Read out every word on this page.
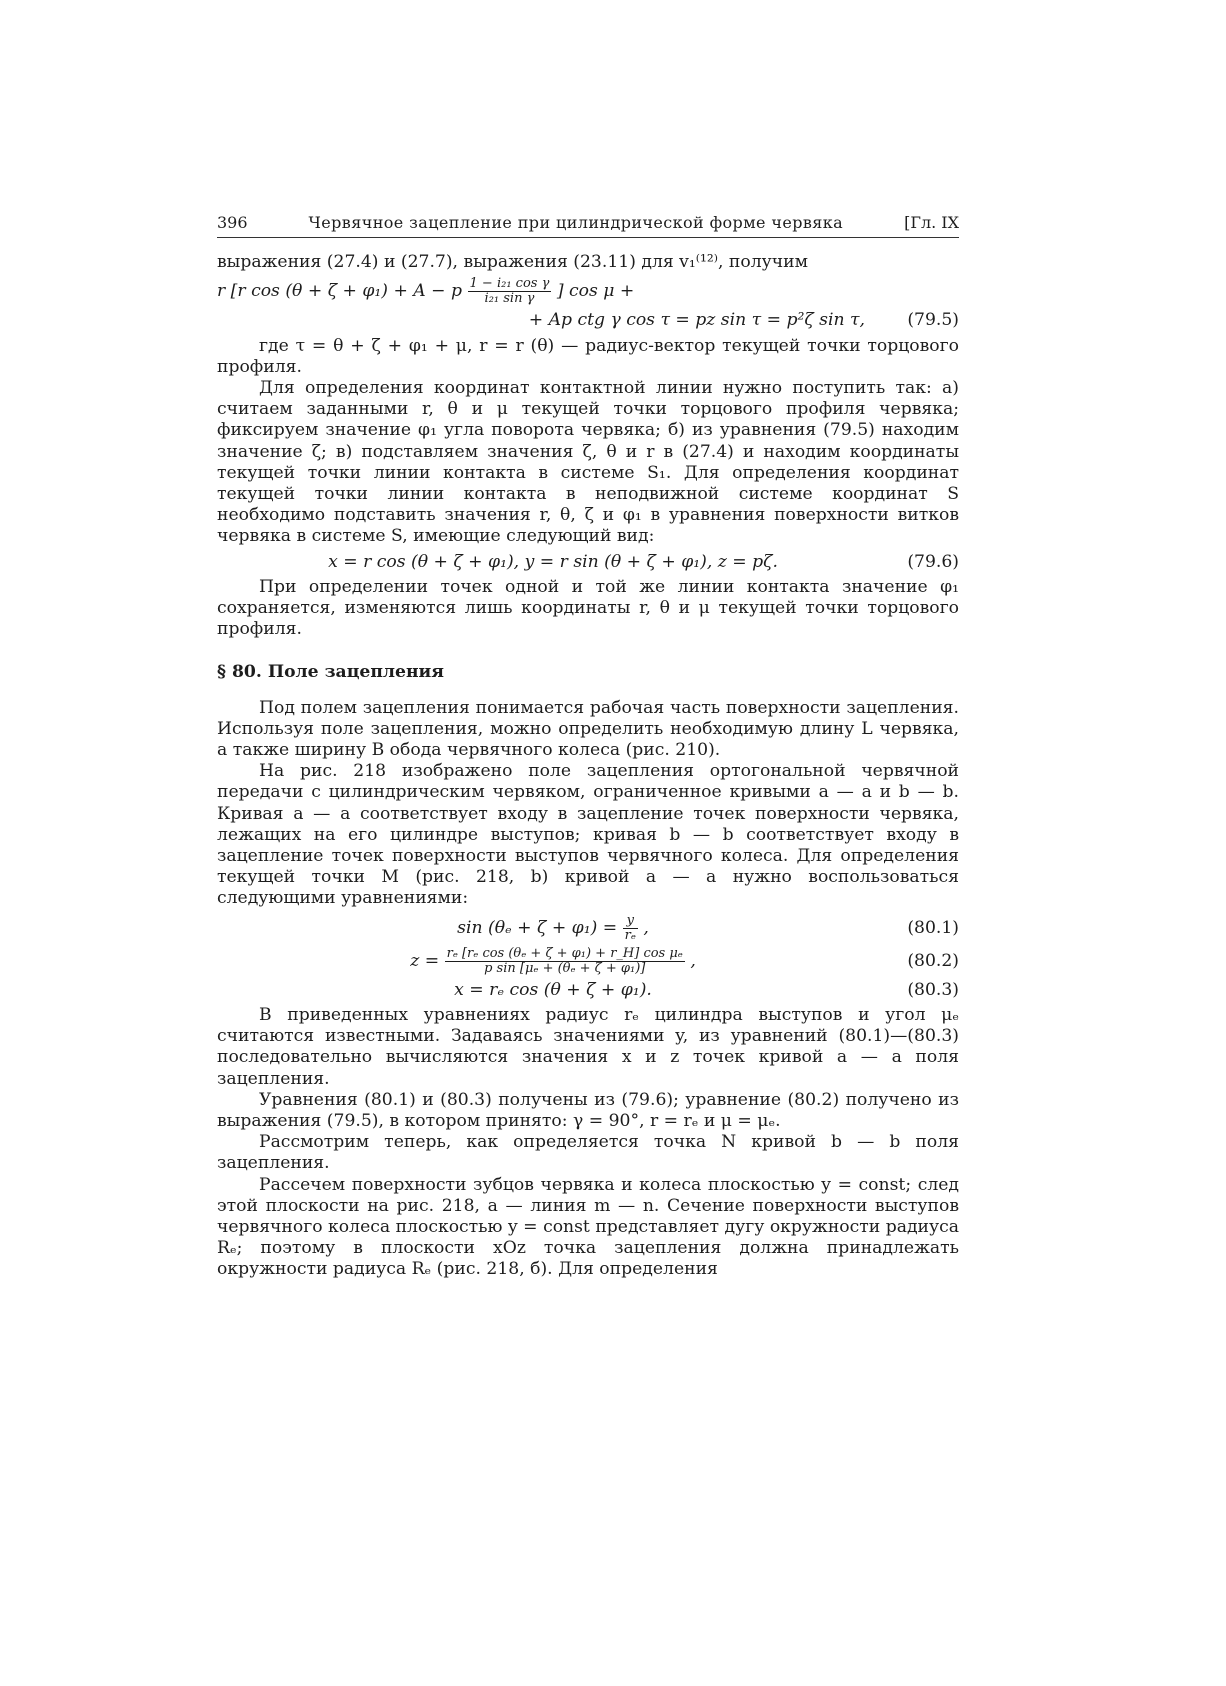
396	Червячное зацепление при цилиндрической форме червяка	[Гл. IX

выражения (27.4) и (27.7), выражения (23.11) для v₁⁽¹²⁾, получим

r [r cos (θ + ζ + φ₁) + A − p $\frac{\text{1 − i₂₁ cos γ}}{\text{i₂₁ sin γ}}$ ] cos μ +
+ Ap ctg γ cos τ = pz sin τ = p²ζ sin τ,	(79.5)

где τ = θ + ζ + φ₁ + μ, r = r (θ) — радиус-вектор текущей точки торцового профиля.

Для определения координат контактной линии нужно поступить так: а) считаем заданными r, θ и μ текущей точки торцового профиля червяка; фиксируем значение φ₁ угла поворота червяка; б) из уравнения (79.5) находим значение ζ; в) подставляем значения ζ, θ и r в (27.4) и находим координаты текущей точки линии контакта в системе S₁. Для определения координат текущей точки линии контакта в неподвижной системе координат S необходимо подставить значения r, θ, ζ и φ₁ в уравнения поверхности витков червяка в системе S, имеющие следующий вид:

x = r cos (θ + ζ + φ₁), y = r sin (θ + ζ + φ₁), z = pζ.	(79.6)

При определении точек одной и той же линии контакта значение φ₁ сохраняется, изменяются лишь координаты r, θ и μ текущей точки торцового профиля.

§ 80. Поле зацепления

Под полем зацепления понимается рабочая часть поверхности зацепления. Используя поле зацепления, можно определить необходимую длину L червяка, а также ширину B обода червячного колеса (рис. 210).

На рис. 218 изображено поле зацепления ортогональной червячной передачи с цилиндрическим червяком, ограниченное кривыми a — a и b — b. Кривая a — a соответствует входу в зацепление точек поверхности червяка, лежащих на его цилиндре выступов; кривая b — b соответствует входу в зацепление точек поверхности выступов червячного колеса. Для определения текущей точки M (рис. 218, b) кривой a — a нужно воспользоваться следующими уравнениями:

$\sin (\theta_e + \zeta + \varphi_1) = \frac{y}{\text{rₑ}}$ ,	(80.1)
$z = \frac{\text{rₑ [rₑ cos (θₑ + ζ + φ₁) + r\_H] cos μₑ}}{\text{p sin [μₑ + (θₑ + ζ + φ₁)]}}$ ,	(80.2)
x = rₑ cos (θ + ζ + φ₁).	(80.3)

В приведенных уравнениях радиус rₑ цилиндра выступов и угол μₑ считаются известными. Задаваясь значениями y, из уравнений (80.1)—(80.3) последовательно вычисляются значения x и z точек кривой a — a поля зацепления.

Уравнения (80.1) и (80.3) получены из (79.6); уравнение (80.2) получено из выражения (79.5), в котором принято: γ = 90°, r = rₑ и μ = μₑ.

Рассмотрим теперь, как определяется точка N кривой b — b поля зацепления.

Рассечем поверхности зубцов червяка и колеса плоскостью y = const; след этой плоскости на рис. 218, a — линия m — n. Сечение поверхности выступов червячного колеса плоскостью y = const представляет дугу окружности радиуса Rₑ; поэтому в плоскости xOz точка зацепления должна принадлежать окружности радиуса Rₑ (рис. 218, б). Для определения
